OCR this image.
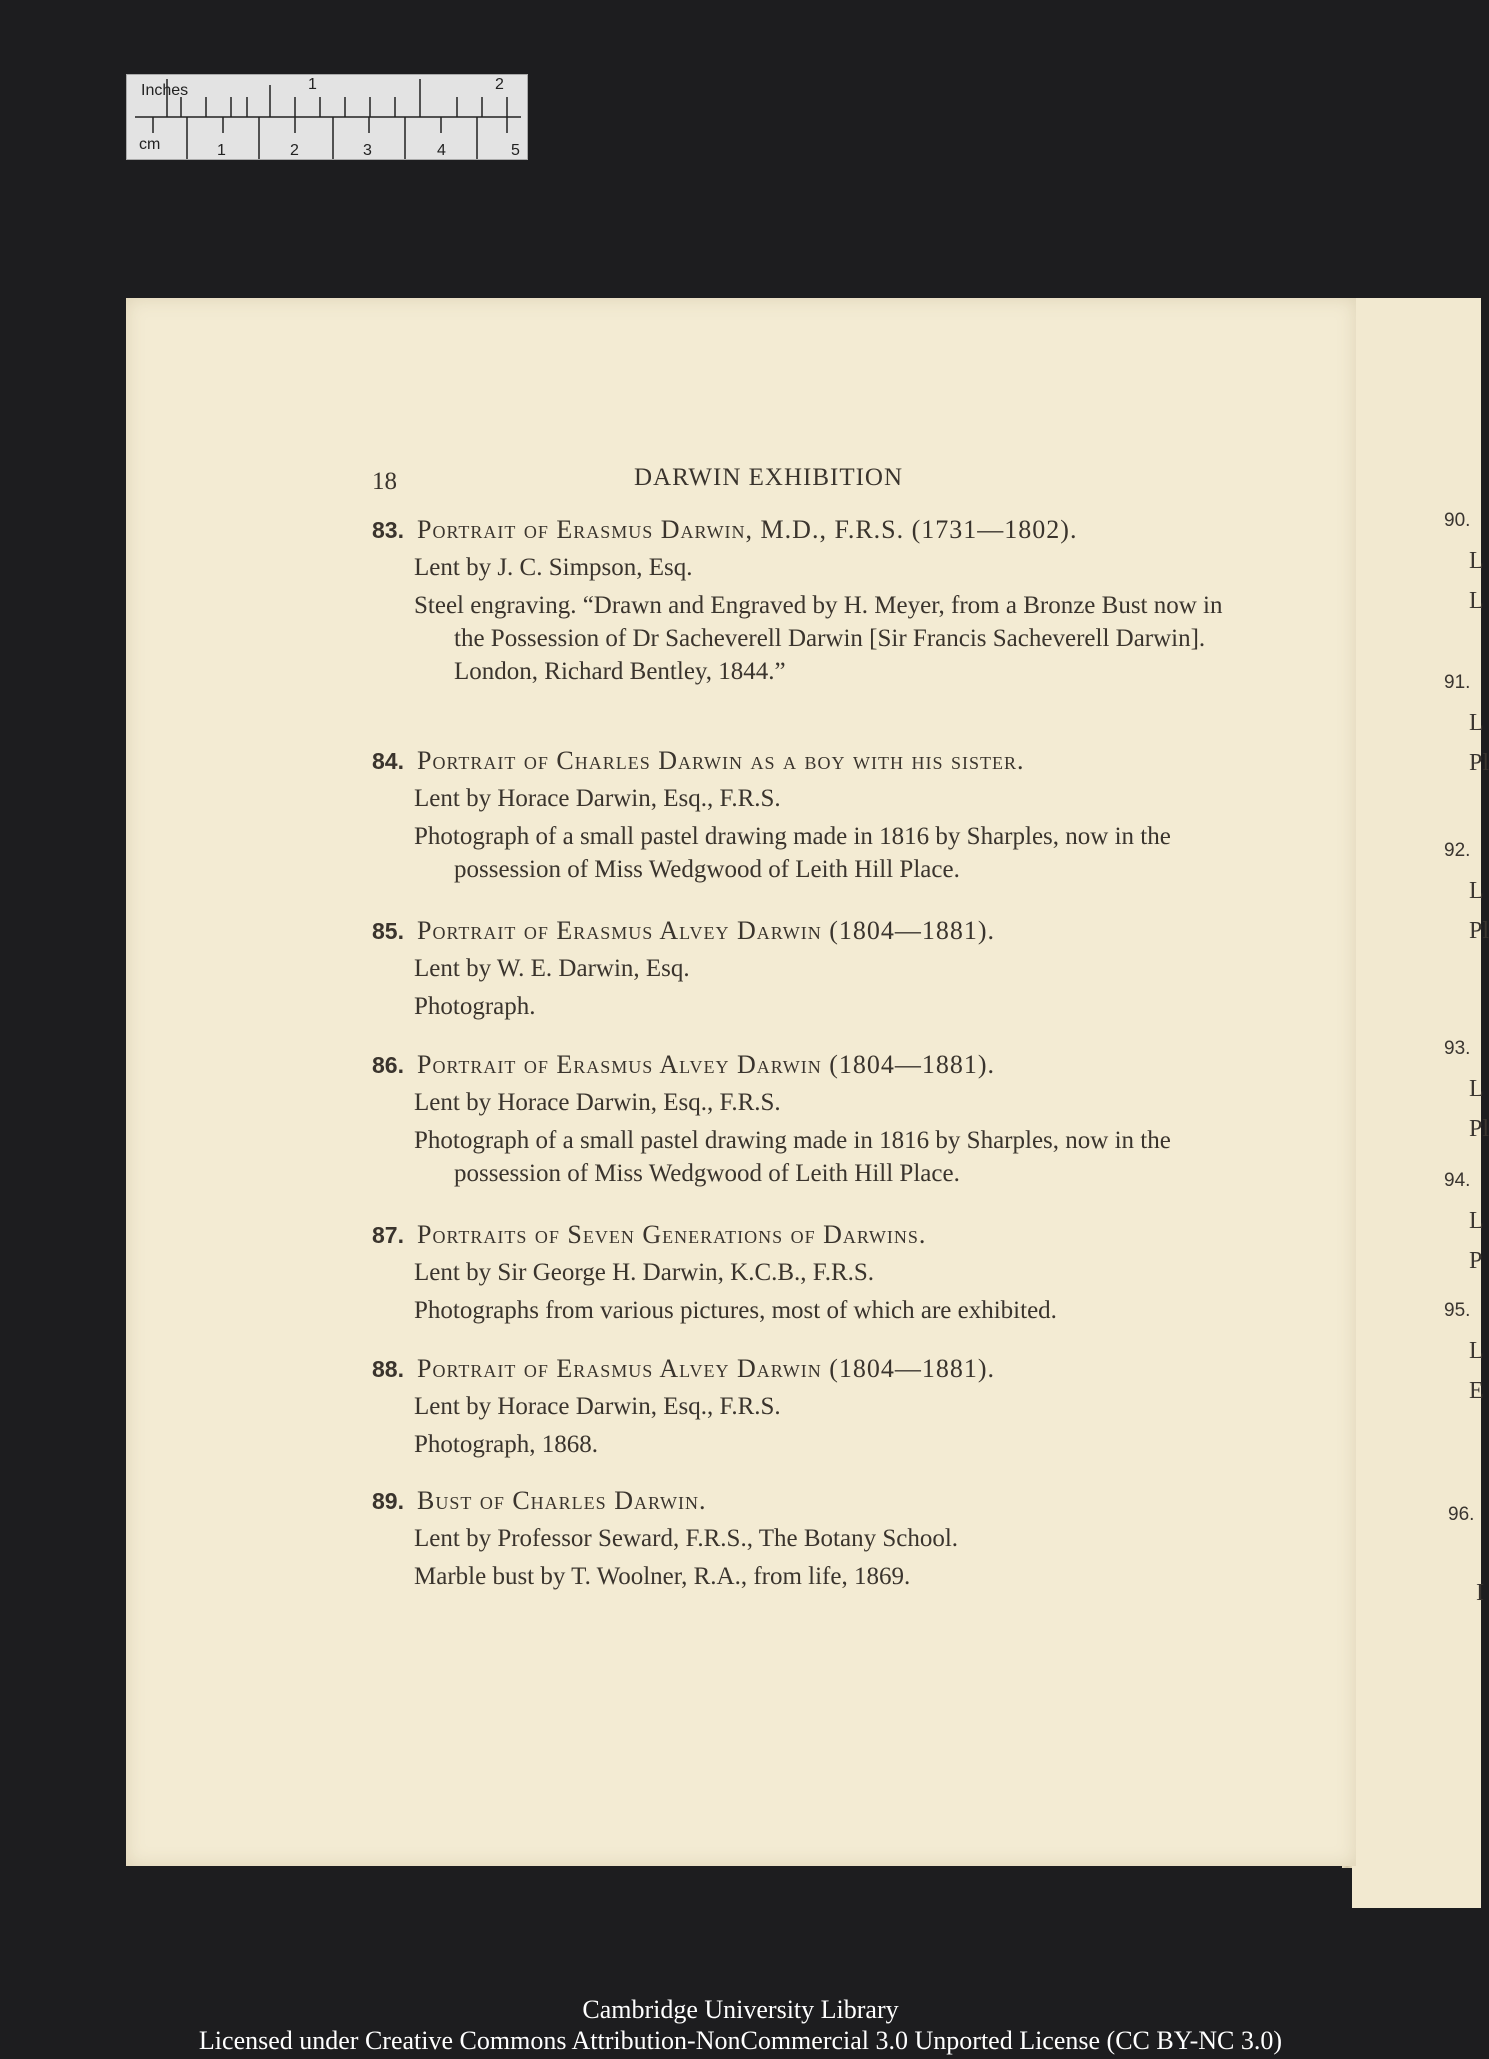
Inches	1	2
cm	1	2	3	4	5
90.
L
L
91.
L
Pl
92.
L
Pl
93.
L
Pl
94.
L
P
95.
L
E
96.
I
18	DARWIN EXHIBITION
83. Portrait of Erasmus Darwin, M.D., F.R.S. (1731—1802).
Lent by J. C. Simpson, Esq.
Steel engraving. “Drawn and Engraved by H. Meyer, from a Bronze Bust now in the Possession of Dr Sacheverell Darwin [Sir Francis Sacheverell Darwin]. London, Richard Bentley, 1844.”
84. Portrait of Charles Darwin as a boy with his sister.
Lent by Horace Darwin, Esq., F.R.S.
Photograph of a small pastel drawing made in 1816 by Sharples, now in the possession of Miss Wedgwood of Leith Hill Place.
85. Portrait of Erasmus Alvey Darwin (1804—1881).
Lent by W. E. Darwin, Esq.
Photograph.
86. Portrait of Erasmus Alvey Darwin (1804—1881).
Lent by Horace Darwin, Esq., F.R.S.
Photograph of a small pastel drawing made in 1816 by Sharples, now in the possession of Miss Wedgwood of Leith Hill Place.
87. Portraits of Seven Generations of Darwins.
Lent by Sir George H. Darwin, K.C.B., F.R.S.
Photographs from various pictures, most of which are exhibited.
88. Portrait of Erasmus Alvey Darwin (1804—1881).
Lent by Horace Darwin, Esq., F.R.S.
Photograph, 1868.
89. Bust of Charles Darwin.
Lent by Professor Seward, F.R.S., The Botany School.
Marble bust by T. Woolner, R.A., from life, 1869.
Cambridge University Library
Licensed under Creative Commons Attribution-NonCommercial 3.0 Unported License (CC BY-NC 3.0)
